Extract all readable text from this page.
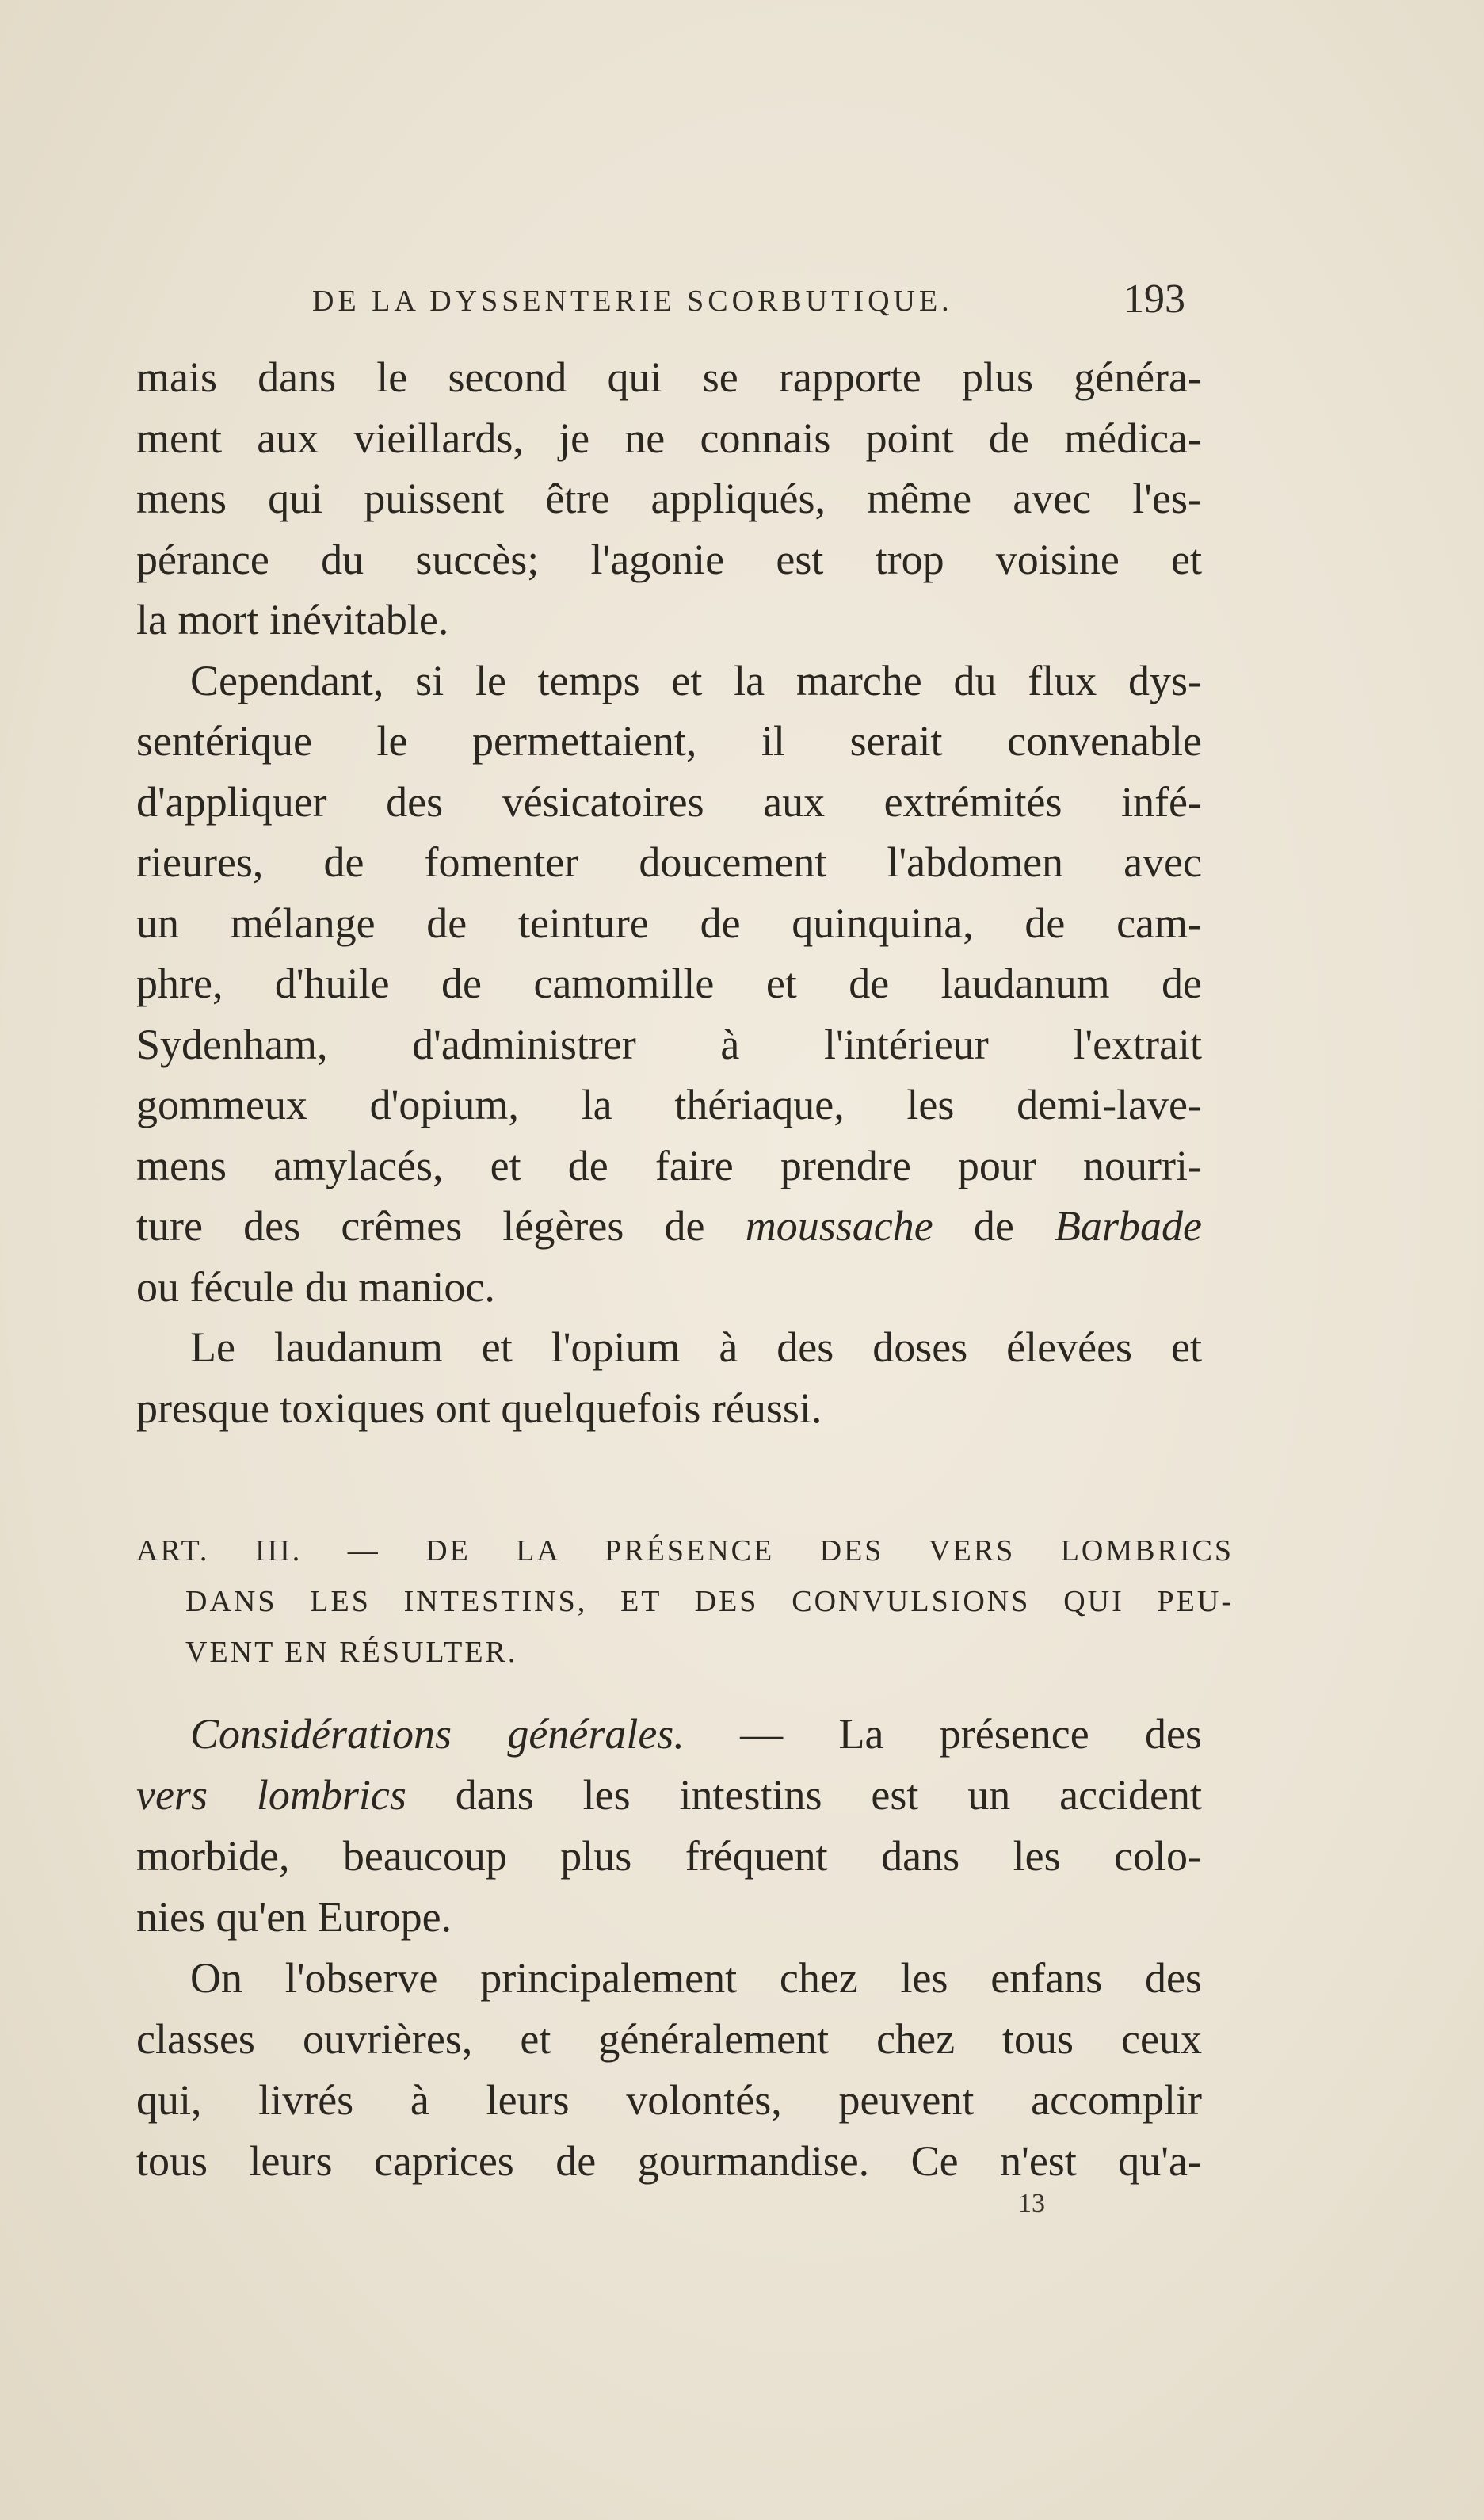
DE LA DYSSENTERIE SCORBUTIQUE.	193
mais dans le second qui se rapporte plus généra-
ment aux vieillards, je ne connais point de médica-
mens qui puissent être appliqués, même avec l'es-
pérance du succès; l'agonie est trop voisine et
la mort inévitable.
Cependant, si le temps et la marche du flux dys-
sentérique le permettaient, il serait convenable
d'appliquer des vésicatoires aux extrémités infé-
rieures, de fomenter doucement l'abdomen avec
un mélange de teinture de quinquina, de cam-
phre, d'huile de camomille et de laudanum de
Sydenham, d'administrer à l'intérieur l'extrait
gommeux d'opium, la thériaque, les demi-lave-
mens amylacés, et de faire prendre pour nourri-
ture des crêmes légères de moussache de Barbade
ou fécule du manioc.
Le laudanum et l'opium à des doses élevées et
presque toxiques ont quelquefois réussi.
ART. III. — DE LA PRÉSENCE DES VERS LOMBRICS
DANS LES INTESTINS, ET DES CONVULSIONS QUI PEU-
VENT EN RÉSULTER.
Considérations générales. — La présence des
vers lombrics dans les intestins est un accident
morbide, beaucoup plus fréquent dans les colo-
nies qu'en Europe.
On l'observe principalement chez les enfans des
classes ouvrières, et généralement chez tous ceux
qui, livrés à leurs volontés, peuvent accomplir
tous leurs caprices de gourmandise. Ce n'est qu'a-
13
